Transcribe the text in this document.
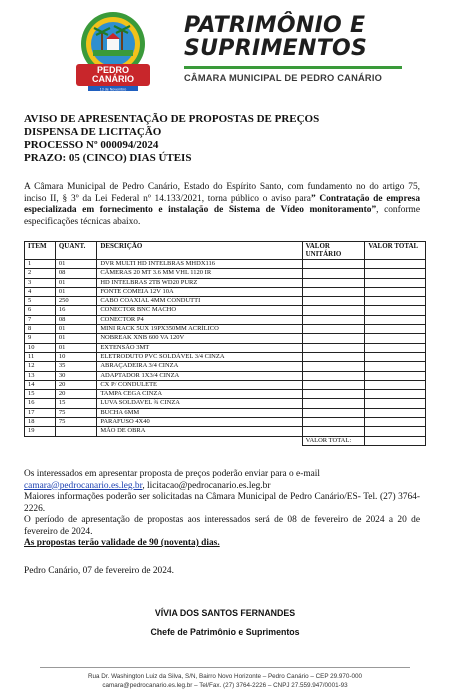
PEDRO
CANÁRIO
13 de Novembro
PATRIMÔNIO E
SUPRIMENTOS
CÂMARA MUNICIPAL DE PEDRO CANÁRIO
AVISO DE APRESENTAÇÃO DE PROPOSTAS DE PREÇOS
DISPENSA DE LICITAÇÃO
PROCESSO Nº 000094/2024
PRAZO: 05 (CINCO) DIAS ÚTEIS
A Câmara Municipal de Pedro Canário, Estado do Espírito Santo, com fundamento no do artigo 75, inciso II, § 3º da Lei Federal nº 14.133/2021, torna público o aviso para” Contratação de empresa especializada em fornecimento e instalação de Sistema de Vídeo monitoramento”, conforme especificações técnicas abaixo.
ITEM	QUANT.	DESCRIÇÃO	VALOR UNITÁRIO	VALOR TOTAL
1	01	DVR MULTI HD INTELBRAS MHDX116		
2	08	CÂMERAS 20 MT 3.6 MM VHL 1120 IR		
3	01	HD INTELBRAS 2TB WD20 PURZ		
4	01	FONTE COMEIA 12V 10A		
5	250	CABO COAXIAL 4MM CONDUTTI		
6	16	CONECTOR BNC MACHO		
7	08	CONECTOR P4		
8	01	MINI RACK 5UX 19PX350MM ACRÍLICO		
9	01	NOBREAK XNB 600 VA 120V		
10	01	EXTENSÃO 3MT		
11	10	ELETRODUTO PVC SOLDÁVEL 3/4 CINZA		
12	35	ABRAÇADEIRA 3/4 CINZA		
13	30	ADAPTADOR 1X3/4 CINZA		
14	20	CX P/ CONDULETE		
15	20	TAMPA CEGA CINZA		
16	15	LUVA SOLDAVEL ¾ CINZA		
17	75	BUCHA 6MM		
18	75	PARAFUSO 4X40		
19		MÃO DE OBRA		
			VALOR TOTAL:	

Os interessados em apresentar proposta de preços poderão enviar para o e-mail
camara@pedrocanario.es.leg.br, licitacao@pedrocanario.es.leg.br

Maiores informações poderão ser solicitadas na Câmara Municipal de Pedro Canário/ES- Tel. (27) 3764-2226.

O período de apresentação de propostas aos interessados será de 08 de fevereiro de 2024 a 20 de fevereiro de 2024.

As propostas terão validade de 90 (noventa) dias.

Pedro Canário, 07 de fevereiro de 2024.
VÍVIA DOS SANTOS FERNANDES
Chefe de Patrimônio e Suprimentos
Rua Dr. Washington Luiz da Silva, S/N, Bairro Novo Horizonte – Pedro Canário – CEP 29.970-000
camara@pedrocanario.es.leg.br – Tel/Fax. (27) 3764-2226 – CNPJ 27.559.947/0001-93
